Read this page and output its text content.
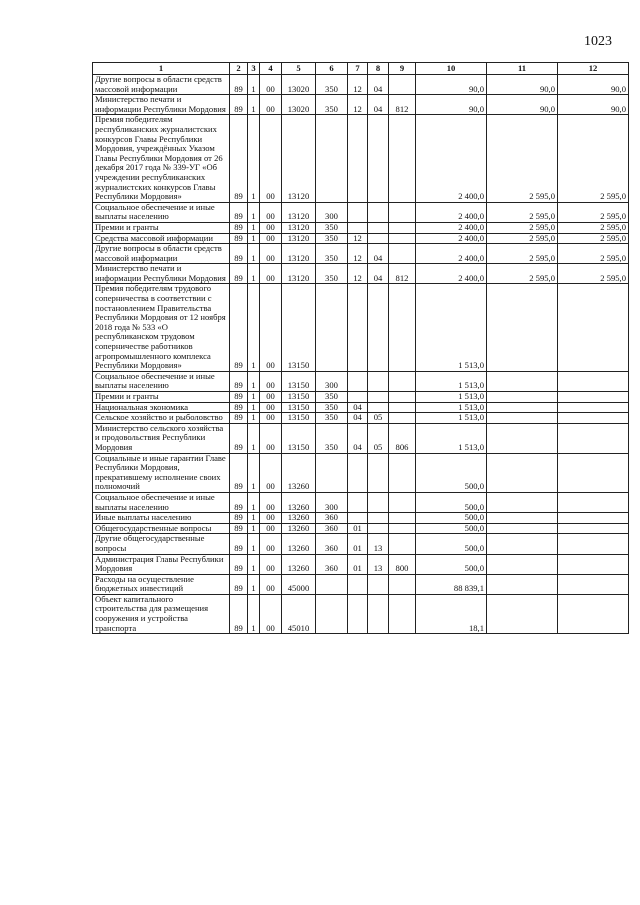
1023
1	2	3	4	5	6	7	8	9	10	11	12
Другие вопросы в области средств массовой информации	89	1	00	13020	350	12	04		90,0	90,0	90,0
Министерство печати и информации Республики Мордовия	89	1	00	13020	350	12	04	812	90,0	90,0	90,0
Премия победителям республиканских журналистских конкурсов Главы Республики Мордовия, учреждённых Указом Главы Республики Мордовия от 26 декабря 2017 года № 339-УГ «Об учреждении республиканских журналистских конкурсов Главы Республики Мордовия»	89	1	00	13120					2 400,0	2 595,0	2 595,0
Социальное обеспечение и иные выплаты населению	89	1	00	13120	300				2 400,0	2 595,0	2 595,0
Премии и гранты	89	1	00	13120	350				2 400,0	2 595,0	2 595,0
Средства массовой информации	89	1	00	13120	350	12			2 400,0	2 595,0	2 595,0
Другие вопросы в области средств массовой информации	89	1	00	13120	350	12	04		2 400,0	2 595,0	2 595,0
Министерство печати и информации Республики Мордовия	89	1	00	13120	350	12	04	812	2 400,0	2 595,0	2 595,0
Премия победителям трудового соперничества в соответствии с постановлением Правительства Республики Мордовия от 12 ноября 2018 года № 533 «О республиканском трудовом соперничестве работников агропромышленного комплекса Республики Мордовия»	89	1	00	13150					1 513,0		
Социальное обеспечение и иные выплаты населению	89	1	00	13150	300				1 513,0		
Премии и гранты	89	1	00	13150	350				1 513,0		
Национальная экономика	89	1	00	13150	350	04			1 513,0		
Сельское хозяйство и рыболовство	89	1	00	13150	350	04	05		1 513,0		
Министерство сельского хозяйства и продовольствия Республики Мордовия	89	1	00	13150	350	04	05	806	1 513,0		
Социальные и иные гарантии Главе Республики Мордовия, прекратившему исполнение своих полномочий	89	1	00	13260					500,0		
Социальное обеспечение и иные выплаты населению	89	1	00	13260	300				500,0		
Иные выплаты населению	89	1	00	13260	360				500,0		
Общегосударственные вопросы	89	1	00	13260	360	01			500,0		
Другие общегосударственные вопросы	89	1	00	13260	360	01	13		500,0		
Администрация Главы Республики Мордовия	89	1	00	13260	360	01	13	800	500,0		
Расходы на осуществление бюджетных инвестиций	89	1	00	45000					88 839,1		
Объект капитального строительства для размещения сооружения и устройства транспорта	89	1	00	45010					18,1		
